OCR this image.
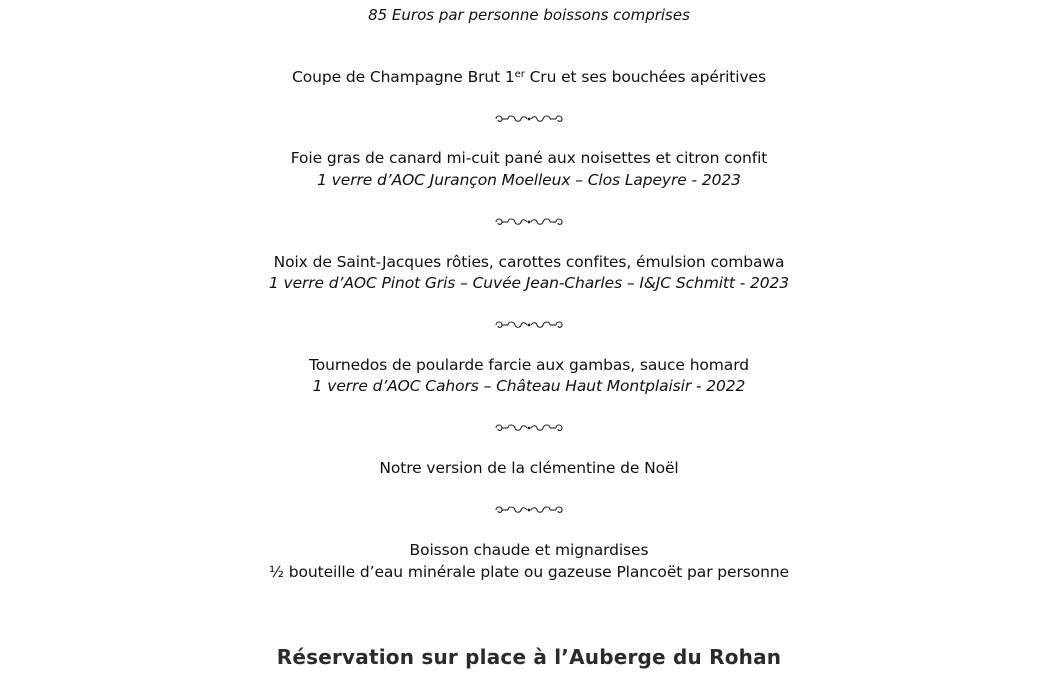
85 Euros par personne boissons comprises
Coupe de Champagne Brut 1er Cru et ses bouchées apéritives
Foie gras de canard mi-cuit pané aux noisettes et citron confit
1 verre d’AOC Jurançon Moelleux – Clos Lapeyre - 2023
Noix de Saint-Jacques rôties, carottes confites, émulsion combawa
1 verre d’AOC Pinot Gris – Cuvée Jean-Charles – I&JC Schmitt - 2023
Tournedos de poularde farcie aux gambas, sauce homard
1 verre d’AOC Cahors – Château Haut Montplaisir - 2022
Notre version de la clémentine de Noël
Boisson chaude et mignardises
½ bouteille d’eau minérale plate ou gazeuse Plancoët par personne
Réservation sur place à l’Auberge du Rohan
